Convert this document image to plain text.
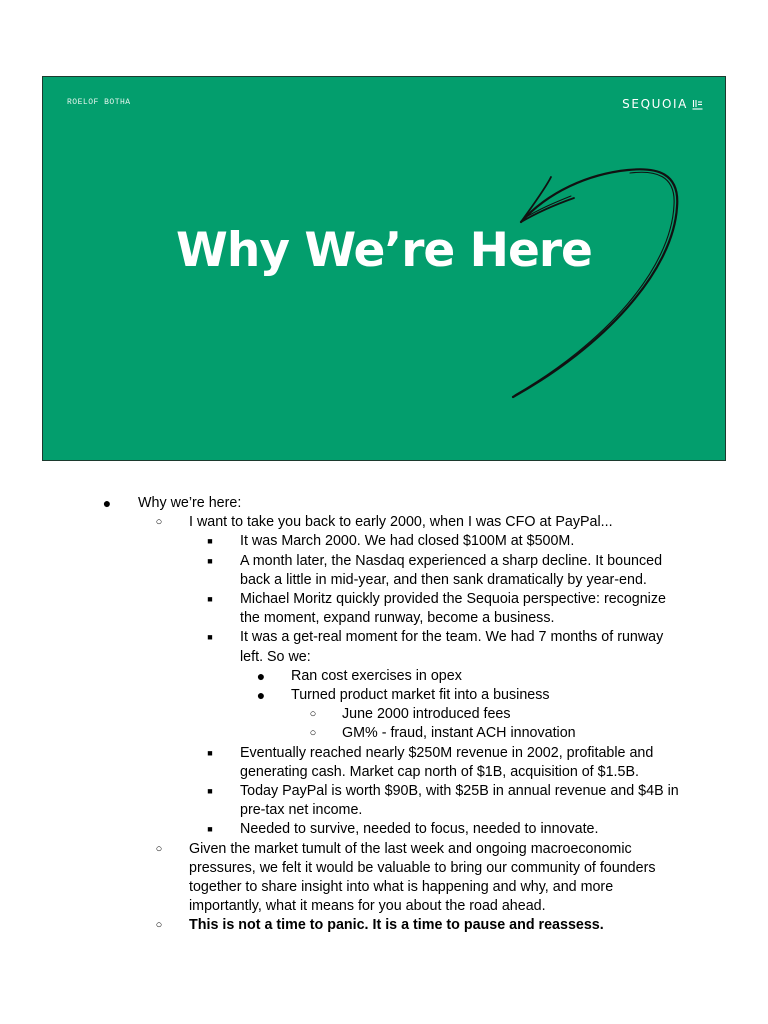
ROELOF BOTHA	SEQUOIA
Why We’re Here
● Why we’re here:
○ I want to take you back to early 2000, when I was CFO at PayPal...
■ It was March 2000. We had closed $100M at $500M.
■ A month later, the Nasdaq experienced a sharp decline. It bounced back a little in mid-year, and then sank dramatically by year-end.
■ Michael Moritz quickly provided the Sequoia perspective: recognize the moment, expand runway, become a business.
■ It was a get-real moment for the team. We had 7 months of runway left. So we:
● Ran cost exercises in opex
● Turned product market fit into a business
○ June 2000 introduced fees
○ GM% - fraud, instant ACH innovation
■ Eventually reached nearly $250M revenue in 2002, profitable and generating cash. Market cap north of $1B, acquisition of $1.5B.
■ Today PayPal is worth $90B, with $25B in annual revenue and $4B in pre-tax net income.
■ Needed to survive, needed to focus, needed to innovate.
○ Given the market tumult of the last week and ongoing macroeconomic pressures, we felt it would be valuable to bring our community of founders together to share insight into what is happening and why, and more importantly, what it means for you about the road ahead.
○ This is not a time to panic. It is a time to pause and reassess.
